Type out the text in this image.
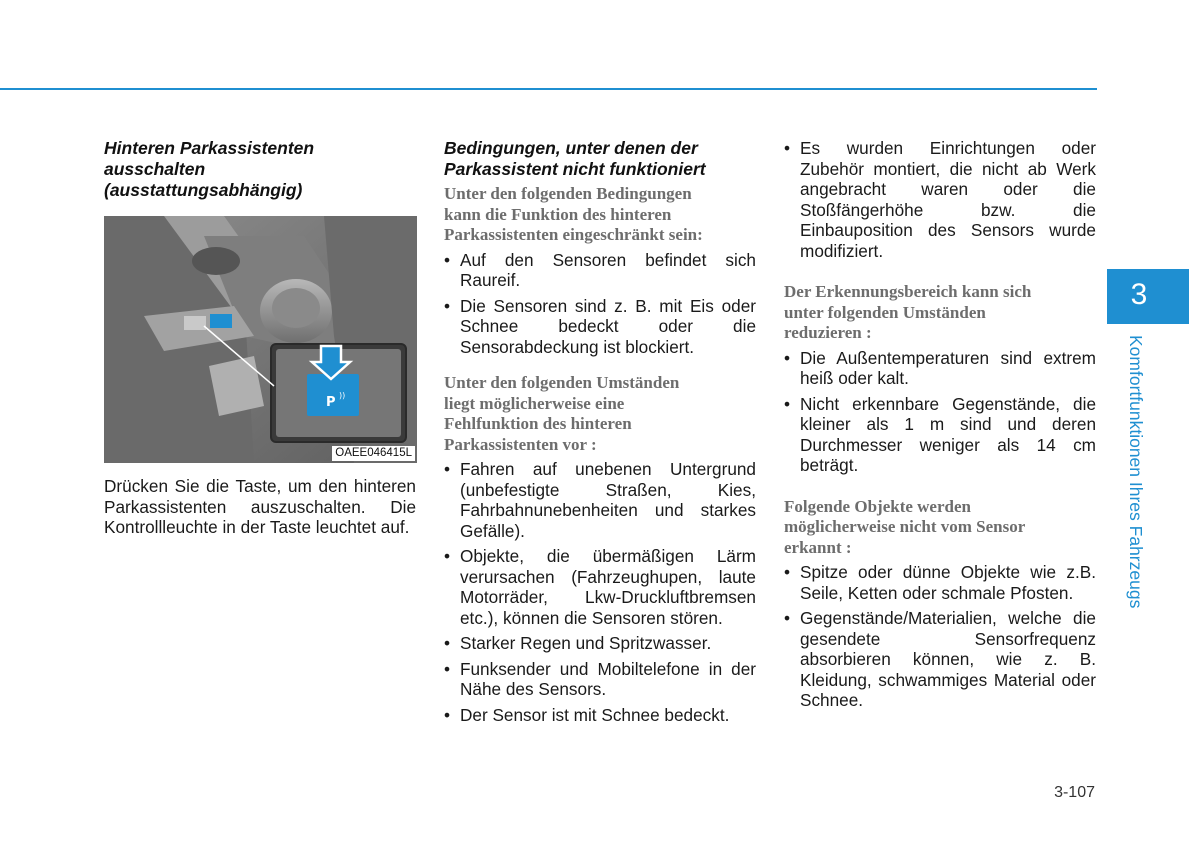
Hinteren Parkassistenten
ausschalten
(ausstattungsabhängig)
P ))
OAEE046415L

Drücken Sie die Taste, um den hinteren Parkassistenten auszuschalten. Die Kontrollleuchte in der Taste leuchtet auf.

Bedingungen, unter denen der
Parkassistent nicht funktioniert
Unter den folgenden Bedingungen
kann die Funktion des hinteren
Parkassistenten eingeschränkt sein:
• Auf den Sensoren befindet sich Raureif.
• Die Sensoren sind z. B. mit Eis oder Schnee bedeckt oder die Sensorabdeckung ist blockiert.
Unter den folgenden Umständen
liegt möglicherweise eine
Fehlfunktion des hinteren
Parkassistenten vor :
• Fahren auf unebenen Untergrund (unbefestigte Straßen, Kies, Fahrbahnunebenheiten und starkes Gefälle).
• Objekte, die übermäßigen Lärm verursachen (Fahrzeughupen, laute Motorräder, Lkw-Druckluftbremsen etc.), können die Sensoren stören.
• Starker Regen und Spritzwasser.
• Funksender und Mobiltelefone in der Nähe des Sensors.
• Der Sensor ist mit Schnee bedeckt.
• Es wurden Einrichtungen oder Zubehör montiert, die nicht ab Werk angebracht waren oder die Stoßfängerhöhe bzw. die Einbauposition des Sensors wurde modifiziert.
Der Erkennungsbereich kann sich
unter folgenden Umständen
reduzieren :
• Die Außentemperaturen sind extrem heiß oder kalt.
• Nicht erkennbare Gegenstände, die kleiner als 1 m sind und deren Durchmesser weniger als 14 cm beträgt.
Folgende Objekte werden
möglicherweise nicht vom Sensor
erkannt :
• Spitze oder dünne Objekte wie z.B. Seile, Ketten oder schmale Pfosten.
• Gegenstände/Materialien, welche die gesendete Sensorfrequenz absorbieren können, wie z. B. Kleidung, schwammiges Material oder Schnee.
3
Komfortfunktionen Ihres Fahrzeugs
3-107
